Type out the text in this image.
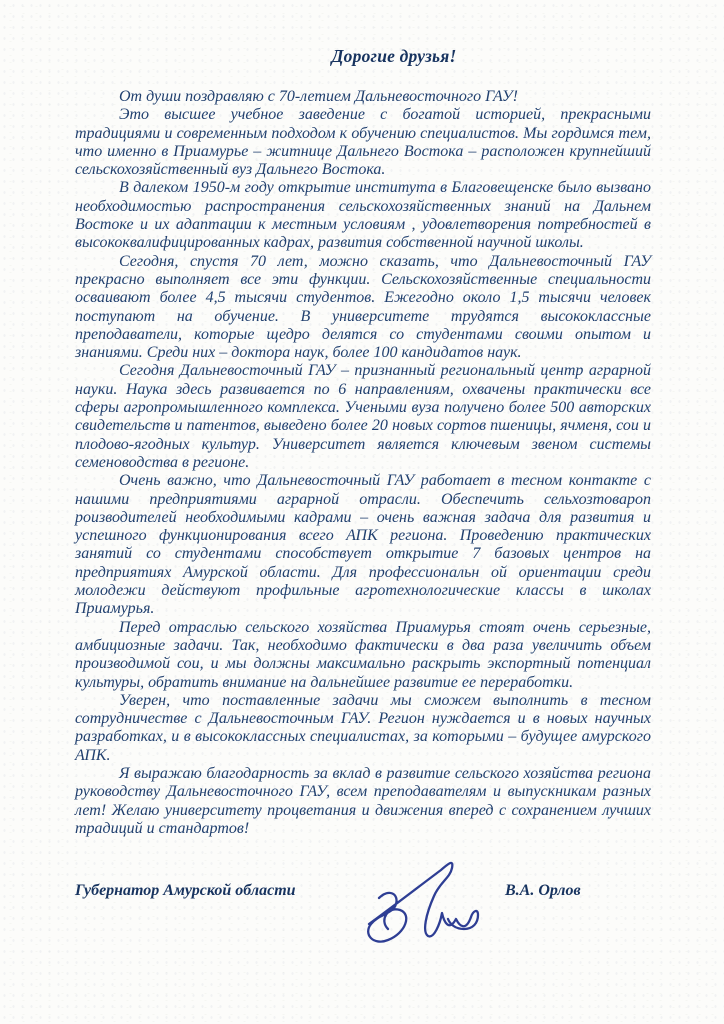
Дорогие друзья!

От души поздравляю с 70-летием Дальневосточного ГАУ!

Это высшее учебное заведение с богатой историей, прекрасными традициями и современным подходом к обучению специалистов. Мы гордимся тем, что именно в Приамурье – житнице Дальнего Востока – расположен крупнейший сельскохозяйственный вуз Дальнего Востока.

В далеком 1950-м году открытие института в Благовещенске было вызвано необходимостью распространения сельскохозяйственных знаний на Дальнем Востоке и их адаптации к местным условиям , удовлетворения потребностей в высококвалифицированных кадрах, развития собственной научной школы.

Сегодня, спустя 70 лет, можно сказать, что Дальневосточный ГАУ прекрасно выполняет все эти функции. Сельскохозяйственные специальности осваивают более 4,5 тысячи студентов. Ежегодно около 1,5 тысячи человек поступают на обучение. В университете трудятся высококлассные преподаватели, которые щедро делятся со студентами своими опытом и знаниями. Среди них – доктора наук, более 100 кандидатов наук.

Сегодня Дальневосточный ГАУ – признанный региональный центр аграрной науки. Наука здесь развивается по 6 направлениям, охвачены практически все сферы агропромышленного комплекса. Учеными вуза получено более 500 авторских свидетельств и патентов, выведено более 20 новых сортов пшеницы, ячменя, сои и плодово-ягодных культур. Университет является ключевым звеном системы семеноводства в регионе.

Очень важно, что Дальневосточный ГАУ работает в тесном контакте с нашими предприятиями аграрной отрасли. Обеспечить сельхозтовароп роизводителей необходимыми кадрами – очень важная задача для развития и успешного функционирования всего АПК региона. Проведению практических занятий со студентами способствует открытие 7 базовых центров на предприятиях Амурской области. Для профессиональн ой ориентации среди молодежи действуют профильные агротехнологические классы в школах Приамурья.

Перед отраслью сельского хозяйства Приамурья стоят очень серьезные, амбициозные задачи. Так, необходимо фактически в два раза увеличить объем производимой сои, и мы должны максимально раскрыть экспортный потенциал культуры, обратить внимание на дальнейшее развитие ее переработки.

Уверен, что поставленные задачи мы сможем выполнить в тесном сотрудничестве с Дальневосточным ГАУ. Регион нуждается и в новых научных разработках, и в высококлассных специалистах, за которыми – будущее амурского АПК.

Я выражаю благодарность за вклад в развитие сельского хозяйства региона руководству Дальневосточного ГАУ, всем преподавателям и выпускникам разных лет! Желаю университету процветания и движения вперед с сохранением лучших традиций и стандартов!

Губернатор Амурской области	В.А. Орлов
